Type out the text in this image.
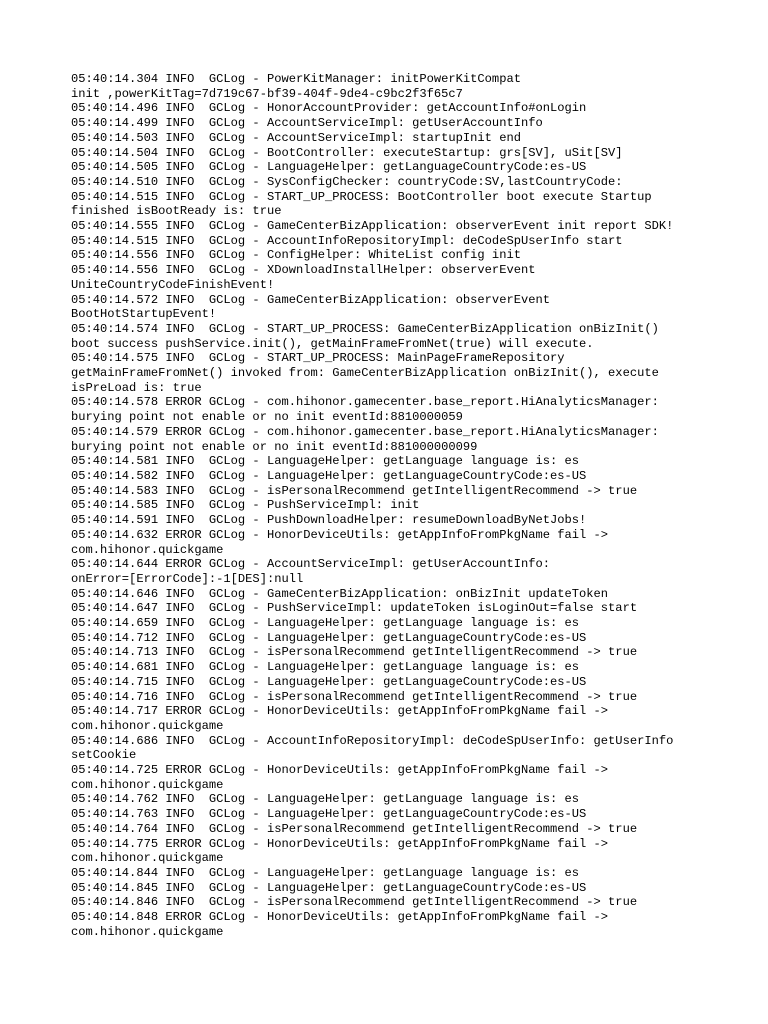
05:40:14.304 INFO  GCLog - PowerKitManager: initPowerKitCompat
init ,powerKitTag=7d719c67-bf39-404f-9de4-c9bc2f3f65c7
05:40:14.496 INFO  GCLog - HonorAccountProvider: getAccountInfo#onLogin
05:40:14.499 INFO  GCLog - AccountServiceImpl: getUserAccountInfo
05:40:14.503 INFO  GCLog - AccountServiceImpl: startupInit end
05:40:14.504 INFO  GCLog - BootController: executeStartup: grs[SV], uSit[SV]
05:40:14.505 INFO  GCLog - LanguageHelper: getLanguageCountryCode:es-US
05:40:14.510 INFO  GCLog - SysConfigChecker: countryCode:SV,lastCountryCode:
05:40:14.515 INFO  GCLog - START_UP_PROCESS: BootController boot execute Startup
finished isBootReady is: true
05:40:14.555 INFO  GCLog - GameCenterBizApplication: observerEvent init report SDK!
05:40:14.515 INFO  GCLog - AccountInfoRepositoryImpl: deCodeSpUserInfo start
05:40:14.556 INFO  GCLog - ConfigHelper: WhiteList config init
05:40:14.556 INFO  GCLog - XDownloadInstallHelper: observerEvent
UniteCountryCodeFinishEvent!
05:40:14.572 INFO  GCLog - GameCenterBizApplication: observerEvent
BootHotStartupEvent!
05:40:14.574 INFO  GCLog - START_UP_PROCESS: GameCenterBizApplication onBizInit()
boot success pushService.init(), getMainFrameFromNet(true) will execute.
05:40:14.575 INFO  GCLog - START_UP_PROCESS: MainPageFrameRepository
getMainFrameFromNet() invoked from: GameCenterBizApplication onBizInit(), execute
isPreLoad is: true
05:40:14.578 ERROR GCLog - com.hihonor.gamecenter.base_report.HiAnalyticsManager:
burying point not enable or no init eventId:8810000059
05:40:14.579 ERROR GCLog - com.hihonor.gamecenter.base_report.HiAnalyticsManager:
burying point not enable or no init eventId:881000000099
05:40:14.581 INFO  GCLog - LanguageHelper: getLanguage language is: es
05:40:14.582 INFO  GCLog - LanguageHelper: getLanguageCountryCode:es-US
05:40:14.583 INFO  GCLog - isPersonalRecommend getIntelligentRecommend -> true
05:40:14.585 INFO  GCLog - PushServiceImpl: init
05:40:14.591 INFO  GCLog - PushDownloadHelper: resumeDownloadByNetJobs!
05:40:14.632 ERROR GCLog - HonorDeviceUtils: getAppInfoFromPkgName fail ->
com.hihonor.quickgame
05:40:14.644 ERROR GCLog - AccountServiceImpl: getUserAccountInfo:
onError=[ErrorCode]:-1[DES]:null
05:40:14.646 INFO  GCLog - GameCenterBizApplication: onBizInit updateToken
05:40:14.647 INFO  GCLog - PushServiceImpl: updateToken isLoginOut=false start
05:40:14.659 INFO  GCLog - LanguageHelper: getLanguage language is: es
05:40:14.712 INFO  GCLog - LanguageHelper: getLanguageCountryCode:es-US
05:40:14.713 INFO  GCLog - isPersonalRecommend getIntelligentRecommend -> true
05:40:14.681 INFO  GCLog - LanguageHelper: getLanguage language is: es
05:40:14.715 INFO  GCLog - LanguageHelper: getLanguageCountryCode:es-US
05:40:14.716 INFO  GCLog - isPersonalRecommend getIntelligentRecommend -> true
05:40:14.717 ERROR GCLog - HonorDeviceUtils: getAppInfoFromPkgName fail ->
com.hihonor.quickgame
05:40:14.686 INFO  GCLog - AccountInfoRepositoryImpl: deCodeSpUserInfo: getUserInfo
setCookie
05:40:14.725 ERROR GCLog - HonorDeviceUtils: getAppInfoFromPkgName fail ->
com.hihonor.quickgame
05:40:14.762 INFO  GCLog - LanguageHelper: getLanguage language is: es
05:40:14.763 INFO  GCLog - LanguageHelper: getLanguageCountryCode:es-US
05:40:14.764 INFO  GCLog - isPersonalRecommend getIntelligentRecommend -> true
05:40:14.775 ERROR GCLog - HonorDeviceUtils: getAppInfoFromPkgName fail ->
com.hihonor.quickgame
05:40:14.844 INFO  GCLog - LanguageHelper: getLanguage language is: es
05:40:14.845 INFO  GCLog - LanguageHelper: getLanguageCountryCode:es-US
05:40:14.846 INFO  GCLog - isPersonalRecommend getIntelligentRecommend -> true
05:40:14.848 ERROR GCLog - HonorDeviceUtils: getAppInfoFromPkgName fail ->
com.hihonor.quickgame
